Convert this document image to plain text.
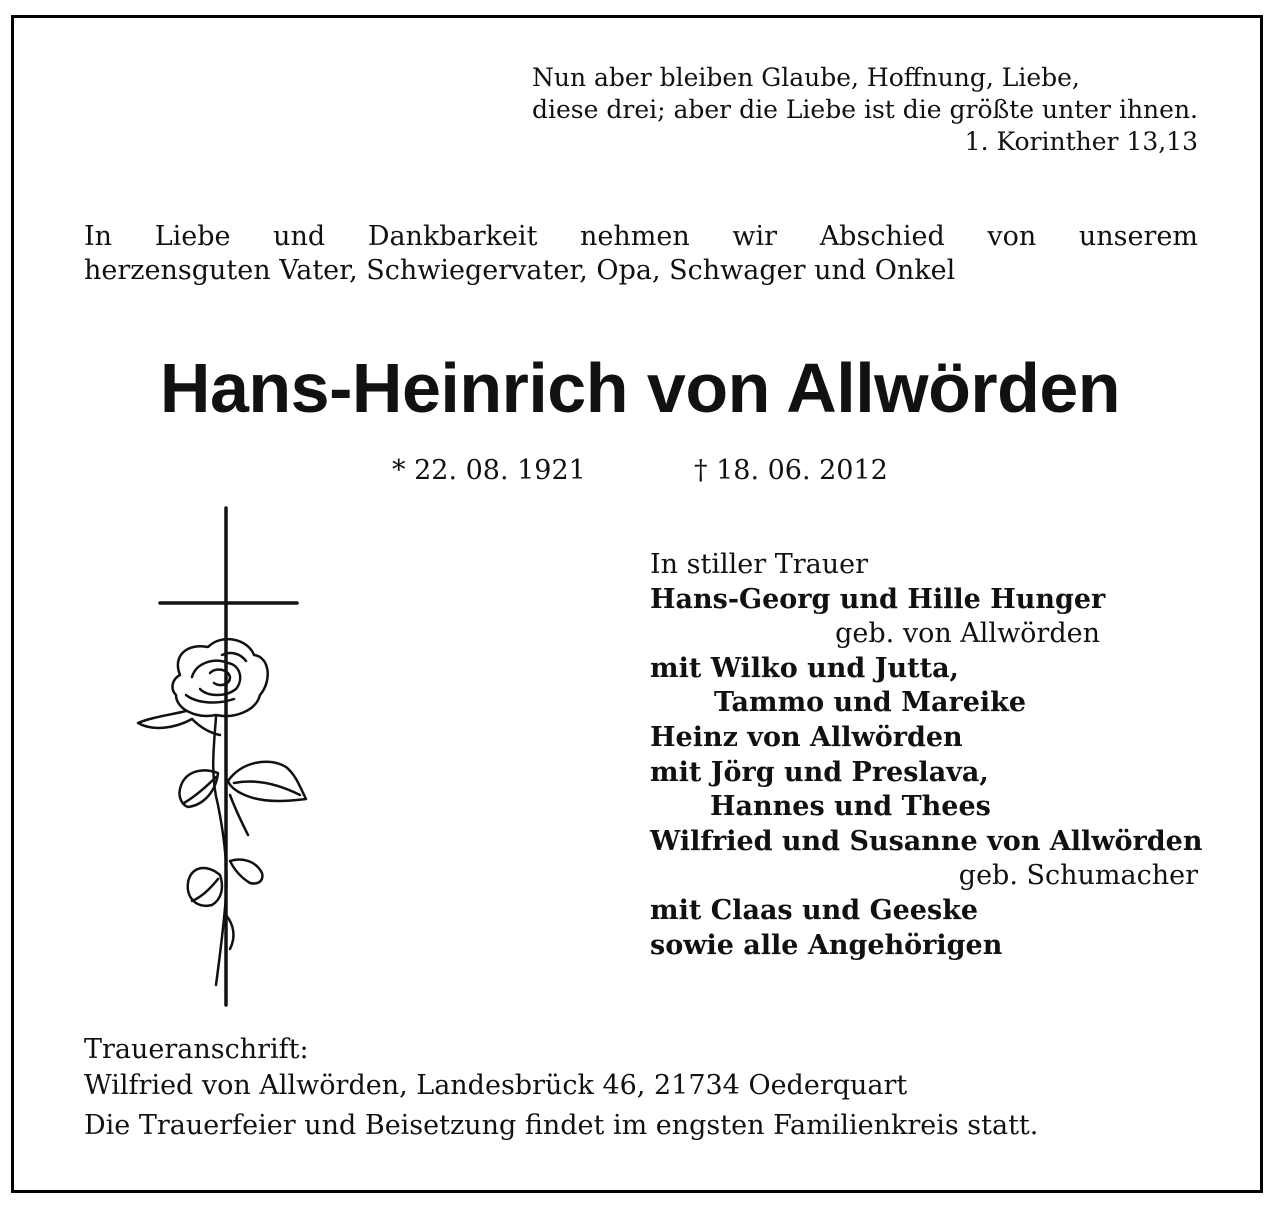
Nun aber bleiben Glaube, Hoffnung, Liebe,
diese drei; aber die Liebe ist die größte unter ihnen.
1. Korinther 13,13
In Liebe und Dankbarkeit nehmen wir Abschied von unserem
herzensguten Vater, Schwiegervater, Opa, Schwager und Onkel
Hans-Heinrich von Allwörden
* 22. 08. 1921	† 18. 06. 2012
In stiller Trauer
Hans-Georg und Hille Hunger
geb. von Allwörden
mit Wilko und Jutta,
Tammo und Mareike
Heinz von Allwörden
mit Jörg und Preslava,
Hannes und Thees
Wilfried und Susanne von Allwörden
geb. Schumacher
mit Claas und Geeske
sowie alle Angehörigen
Traueranschrift:
Wilfried von Allwörden, Landesbrück 46, 21734 Oederquart
Die Trauerfeier und Beisetzung findet im engsten Familienkreis statt.
